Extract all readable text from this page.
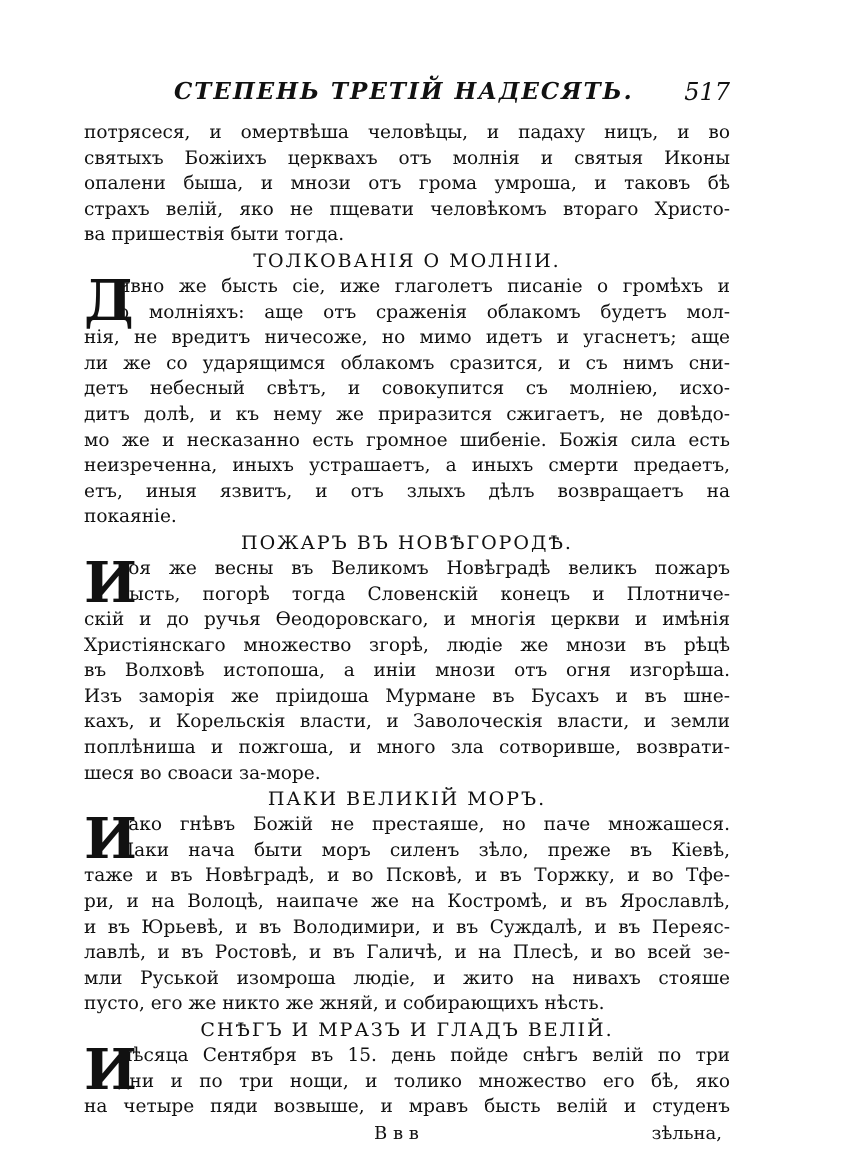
СТЕПЕНЬ ТРЕТІЙ НАДЕСЯТЬ. 517
потрясеся, и омертвѣша человѣцы, и падаху ницъ, и во
святыхъ Божіихъ церквахъ отъ молнія и святыя Иконы
опалени быша, и мнози отъ грома умроша, и таковъ бѣ
страхъ велій, яко не пщевати человѣкомъ втораго Христо-
ва пришествія быти тогда.
ТОЛКОВАНІЯ О МОЛНІИ.
Д
ивно же бысть сіе, иже глаголетъ писаніе о громѣхъ и
о молніяхъ: аще отъ сраженія облакомъ будетъ мол-
нія, не вредитъ ничесоже, но мимо идетъ и угаснетъ; аще
ли же со ударящимся облакомъ сразится, и съ нимъ сни-
детъ небесный свѣтъ, и совокупится съ молніею, исхо-
дитъ долѣ, и къ нему же приразится сжигаетъ, не довѣдо-
мо же и несказанно есть громное шибеніе. Божія сила есть
неизреченна, иныхъ устрашаетъ, а иныхъ смерти предаетъ,
етъ, иныя язвитъ, и отъ злыхъ дѣлъ возвращаетъ на
покаяніе.
ПОЖАРЪ ВЪ НОВѢГОРОДѢ.
И
тоя же весны въ Великомъ Новѣградѣ великъ пожаръ
бысть, погорѣ тогда Словенскій конецъ и Плотниче-
скій и до ручья Ѳеодоровскаго, и многія церкви и имѣнія
Христіянскаго множество згорѣ, людіе же мнози въ рѣцѣ
въ Волховѣ истопоша, а иніи мнози отъ огня изгорѣша.
Изъ заморія же пріидоша Мурмане въ Бусахъ и въ шне-
кахъ, и Корельскія власти, и Заволоческія власти, и земли
поплѣниша и пожгоша, и много зла сотворивше, возврати-
шеся во своаси за-море.
ПАКИ ВЕЛИКІЙ МОРЪ.
И
тако гнѣвъ Божій не престаяше, но паче множашеся.
Паки нача быти моръ силенъ зѣло, преже въ Кіевѣ,
таже и въ Новѣградѣ, и во Псковѣ, и въ Торжку, и во Тфе-
ри, и на Волоцѣ, наипаче же на Костромѣ, и въ Ярославлѣ,
и въ Юрьевѣ, и въ Володимири, и въ Суждалѣ, и въ Переяс-
лавлѣ, и въ Ростовѣ, и въ Галичѣ, и на Плесѣ, и во всей зе-
мли Руськой изомроша людіе, и жито на нивахъ стояше
пусто, его же никто же жняй, и собирающихъ нѣсть.
СНѢГЪ И МРАЗЪ И ГЛАДЪ ВЕЛІЙ.
И
мѣсяца Сентября въ 15. день пойде снѣгъ велій по три
дни и по три нощи, и толико множество его бѣ, яко
на четыре пяди возвыше, и мравъ бысть велій и студенъ
В в в	зѣльна,
